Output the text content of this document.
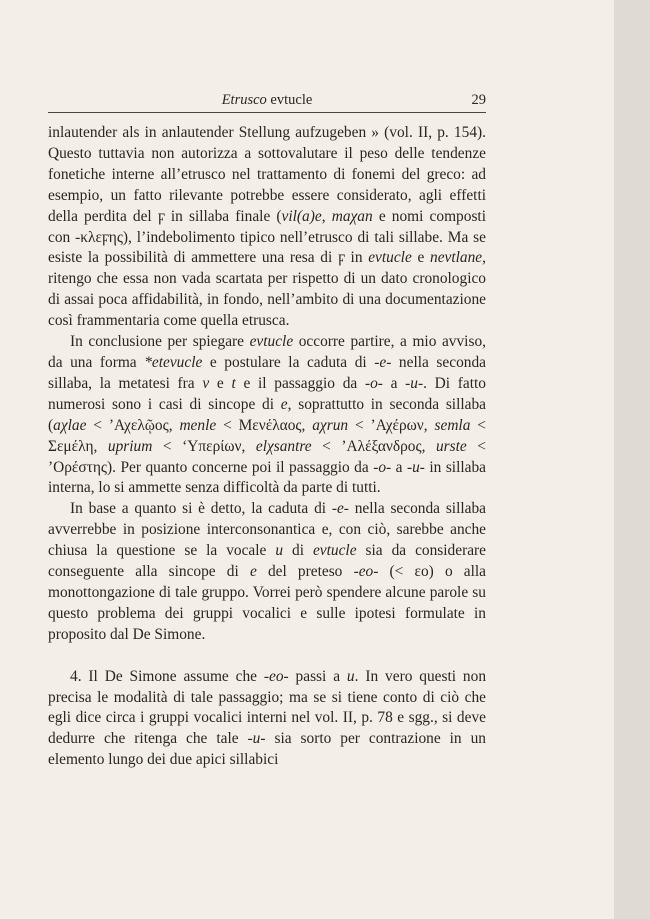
Etrusco evtucle	29

inlautender als in anlautender Stellung aufzugeben » (vol. II, p. 154). Questo tuttavia non autorizza a sottovalutare il peso delle tendenze fonetiche interne all’etrusco nel trattamento di fonemi del greco: ad esempio, un fatto rilevante potrebbe essere considerato, agli effetti della perdita del ϝ in sillaba finale (vil(a)e, maχan e nomi composti con -κλεϝης), l’indebolimento tipico nell’etrusco di tali sillabe. Ma se esiste la possibilità di ammettere una resa di ϝ in evtucle e nevtlane, ritengo che essa non vada scartata per rispetto di un dato cronologico di assai poca affidabilità, in fondo, nell’ambito di una documentazione così frammentaria come quella etrusca.

In conclusione per spiegare evtucle occorre partire, a mio avviso, da una forma *etevucle e postulare la caduta di -e- nella seconda sillaba, la metatesi fra v e t e il passaggio da -o- a -u-. Di fatto numerosi sono i casi di sincope di e, soprattutto in seconda sillaba (aχlae < ’Αχελῷος, menle < Μενέλαος, aχrun < ’Αχέρων, semla < Σεμέλη, uprium < ‘Υπερίων, elχsantre < ’Αλέξανδρος, urste < ’Ορέστης). Per quanto concerne poi il passaggio da -o- a -u- in sillaba interna, lo si ammette senza difficoltà da parte di tutti.

In base a quanto si è detto, la caduta di -e- nella seconda sillaba avverrebbe in posizione interconsonantica e, con ciò, sarebbe anche chiusa la questione se la vocale u di evtucle sia da considerare conseguente alla sincope di e del preteso -eo- (< εο) o alla monottongazione di tale gruppo. Vorrei però spendere alcune parole su questo problema dei gruppi vocalici e sulle ipotesi formulate in proposito dal De Simone.

4. Il De Simone assume che -eo- passi a u. In vero questi non precisa le modalità di tale passaggio; ma se si tiene conto di ciò che egli dice circa i gruppi vocalici interni nel vol. II, p. 78 e sgg., si deve dedurre che ritenga che tale -u- sia sorto per contrazione in un elemento lungo dei due apici sillabici
